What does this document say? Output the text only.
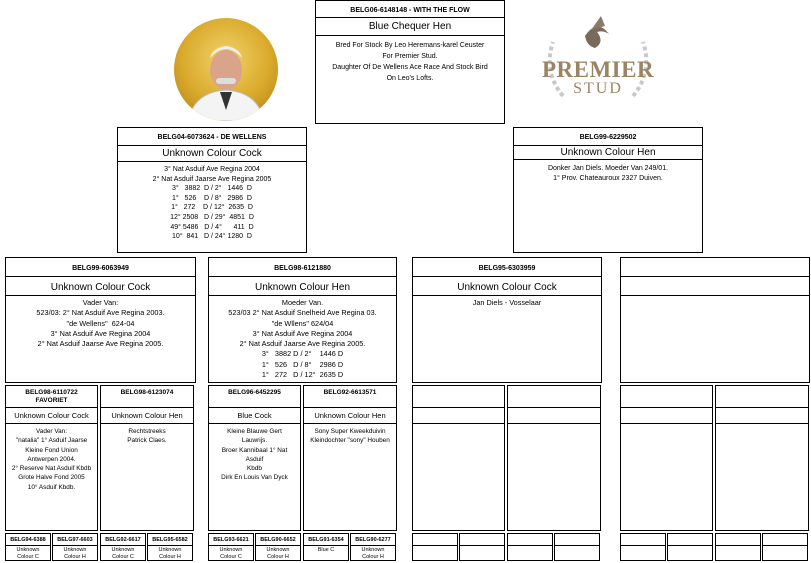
BELG06-6148148 - WITH THE FLOW
Blue Chequer Hen
Bred For Stock By Leo Heremans-karel Ceuster
For Premier Stud.
Daughter Of De Wellens Ace Race And Stock Bird
On Leo's Lofts.	PREMIER
STUD
BELG04-6073624 - DE WELLENS
Unknown Colour Cock
3° Nat Asduif Ave Regina 2004
2° Nat Asduif Jaarse Ave Regina 2005
3°   3882  D / 2°   1446  D
1°   526    D / 8°   2986  D
1°   272    D / 12°  2635  D
12° 2508   D / 29°  4851  D
49° 5486   D / 4°      411  D
10°  841   D / 24° 1280  D
BELG99-6229502
Unknown Colour Hen
Donker Jan Diels. Moeder Van 249/01.
1° Prov. Chateauroux 2327 Duiven.
BELG99-6063949
Unknown Colour Cock
Vader Van:
523/03: 2° Nat Asduif Ave Regina 2003.
"de Wellens"  624-04
3° Nat Asduif Ave Regina 2004
2° Nat Asduif Jaarse Ave Regina 2005.
BELG98-6121880
Unknown Colour Hen
Moeder Van.
523/03 2° Nat Asduif Snelheid Ave Regina 03.
"de Wllens" 624/04
3° Nat Asduif Ave Regina 2004
2° Nat Asduif Jaarse Ave Regina 2005.
3°   3882 D / 2°    1446 D
1°   526   D / 8°    2986 D
1°   272   D / 12°  2635 D
BELG95-6303959
Unknown Colour Cock
Jan Diels - Vosselaar
BELG98-6110722
FAVORIET
Unknown Colour Cock
Vader Van:
"natalia" 1° Asduif Jaarse
Kleine Fond Union
Antwerpen 2004.
2° Reserve Nat Asduif Kbdb
Grote Halve Fond 2005
10° Asduif Kbdb.
BELG98-6123074
Unknown Colour Hen
Rechtstreeks
Patrick Claes.
BELG96-6452295
Blue Cock
Kleine Blauwe Gert
Lauwrijs.
Broer Kannibaal 1° Nat
Asduif
Kbdb
Dirk En Louis Van Dyck
BELG92-6613571
Unknown Colour Hen
Sony Super Kweekduivin
Kleindochter "sony" Houben
BELG94-6388
Unknown
Colour C
BELG97-6603
Unknown
Colour H
BELG92-6617
Unknown
Colour C
BELG95-6582
Unknown
Colour H
BELG93-6621
Unknown
Colour C
BELG90-6652
Unknown
Colour H
BELG91-6354
Blue C
BELG90-6277
Unknown
Colour H
